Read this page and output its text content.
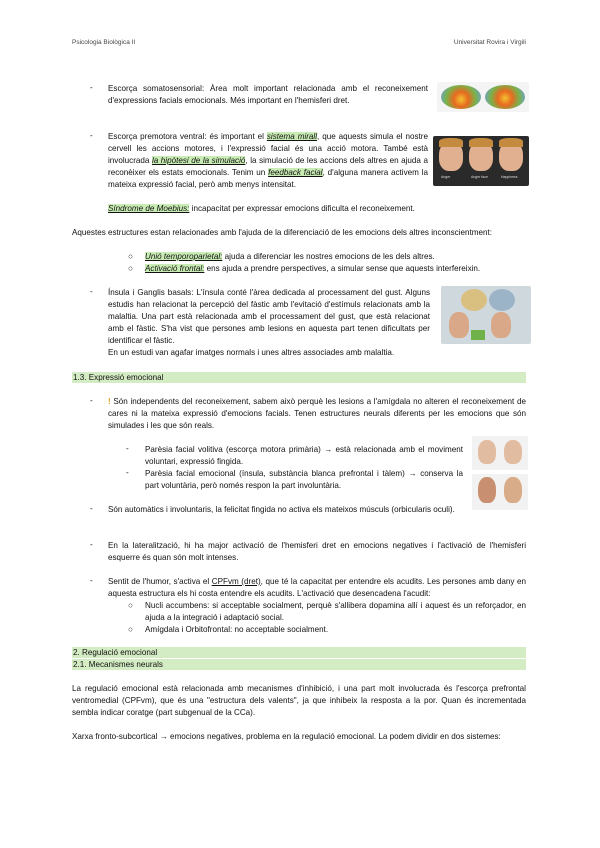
Psicologia Biològica II	Universitat Rovira i Virgili
- Escorça somatosensorial: Àrea molt important relacionada amb el reconeixement d'expressions facials emocionals. Més important en l'hemisferi dret.
- Escorça premotora ventral: és important el sistema mirall, que aquests simula el nostre cervell les accions motores, i l'expressió facial és una acció motora. També està involucrada la hipòtesi de la simulació, la simulació de les accions dels altres en ajuda a reconèixer els estats emocionals. Tenim un feedback facial, d'alguna manera activem la mateixa expressió facial, però amb menys intensitat.
Síndrome de Moebius: incapacitat per expressar emocions dificulta el reconeixement.
Anger	Anger face	Happiness
Aquestes estructures estan relacionades amb l'ajuda de la diferenciació de les emocions dels altres inconscientment:
○ Unió temporoparietal: ajuda a diferenciar les nostres emocions de les dels altres.
○ Activació frontal: ens ajuda a prendre perspectives, a simular sense que aquests interfereixin.
- Ínsula i Ganglis basals: L'ínsula conté l'àrea dedicada al processament del gust. Alguns estudis han relacionat la percepció del fàstic amb l'evitació d'estímuls relacionats amb la malaltia. Una part està relacionada amb el processament del gust, que està relacionat amb el fàstic. S'ha vist que persones amb lesions en aquesta part tenen dificultats per identificar el fàstic.
En un estudi van agafar imatges normals i unes altres associades amb malaltia.
1.3. Expressió emocional
- ! Són independents del reconeixement, sabem això perquè les lesions a l'amígdala no alteren el reconeixement de cares ni la mateixa expressió d'emocions facials. Tenen estructures neurals diferents per les emocions que són simulades i les que són reals.
- Parèsia facial volitiva (escorça motora primària) → està relacionada amb el moviment voluntari, expressió fingida.
- Parèsia facial emocional (ínsula, substància blanca prefrontal i tàlem) → conserva la part voluntària, però només respon la part involuntària.
- Són automàtics i involuntaris, la felicitat fingida no activa els mateixos músculs (orbicularis oculi).
- En la lateralització, hi ha major activació de l'hemisferi dret en emocions negatives i l'activació de l'hemisferi esquerre és quan són molt intenses.
- Sentit de l'humor, s'activa el CPFvm (dret), que té la capacitat per entendre els acudits. Les persones amb dany en aquesta estructura els hi costa entendre els acudits. L'activació que desencadena l'acudit:
○ Nucli accumbens: si acceptable socialment, perquè s'allibera dopamina allí i aquest és un reforçador, en ajuda a la integració i adaptació social.
○ Amígdala i Orbitofrontal: no acceptable socialment.
2. Regulació emocional
2.1. Mecanismes neurals
La regulació emocional està relacionada amb mecanismes d'inhibició, i una part molt involucrada és l'escorça prefrontal ventromedial (CPFvm), que és una "estructura dels valents", ja que inhibeix la resposta a la por. Quan és incrementada sembla indicar coratge (part subgenual de la CCa).
Xarxa fronto-subcortical → emocions negatives, problema en la regulació emocional. La podem dividir en dos sistemes:
